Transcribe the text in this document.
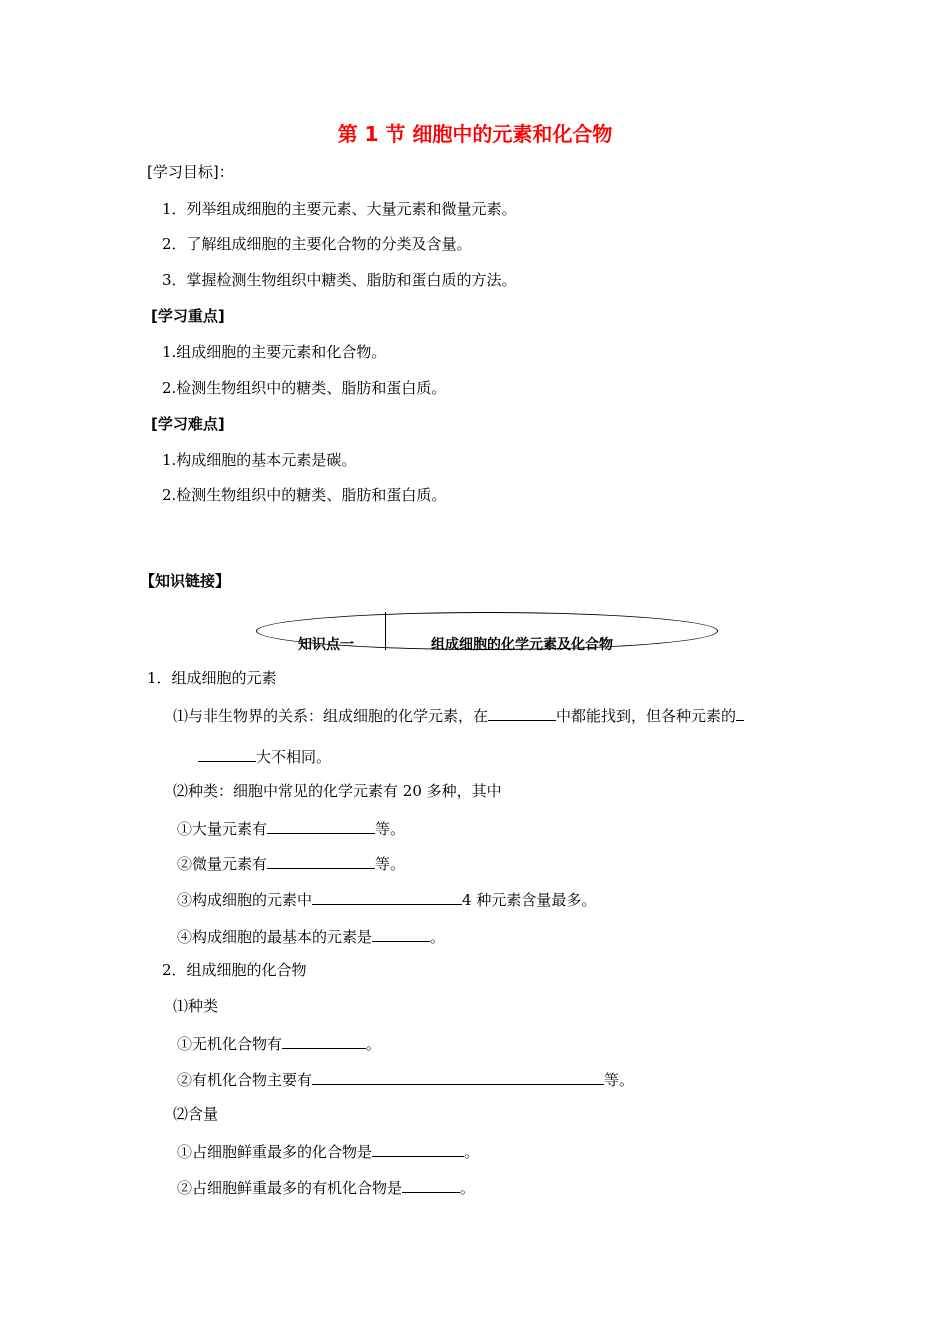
第 1 节 细胞中的元素和化合物
[学习目标]：
1．列举组成细胞的主要元素、大量元素和微量元素。
2．了解组成细胞的主要化合物的分类及含量。
3．掌握检测生物组织中糖类、脂肪和蛋白质的方法。
[学习重点]
1.组成细胞的主要元素和化合物。
2.检测生物组织中的糖类、脂肪和蛋白质。
[学习难点]
1.构成细胞的基本元素是碳。
2.检测生物组织中的糖类、脂肪和蛋白质。
【知识链接】
知识点一	组成细胞的化学元素及化合物
1．组成细胞的元素
⑴与非生物界的关系：组成细胞的化学元素，在	中都能找到，但各种元素的
大不相同。
⑵种类：细胞中常见的化学元素有 20 多种，其中
①大量元素有	等。
②微量元素有	等。
③构成细胞的元素中	4 种元素含量最多。
④构成细胞的最基本的元素是	。
2．组成细胞的化合物
⑴种类
①无机化合物有	。
②有机化合物主要有	等。
⑵含量
①占细胞鲜重最多的化合物是	。
②占细胞鲜重最多的有机化合物是	。
